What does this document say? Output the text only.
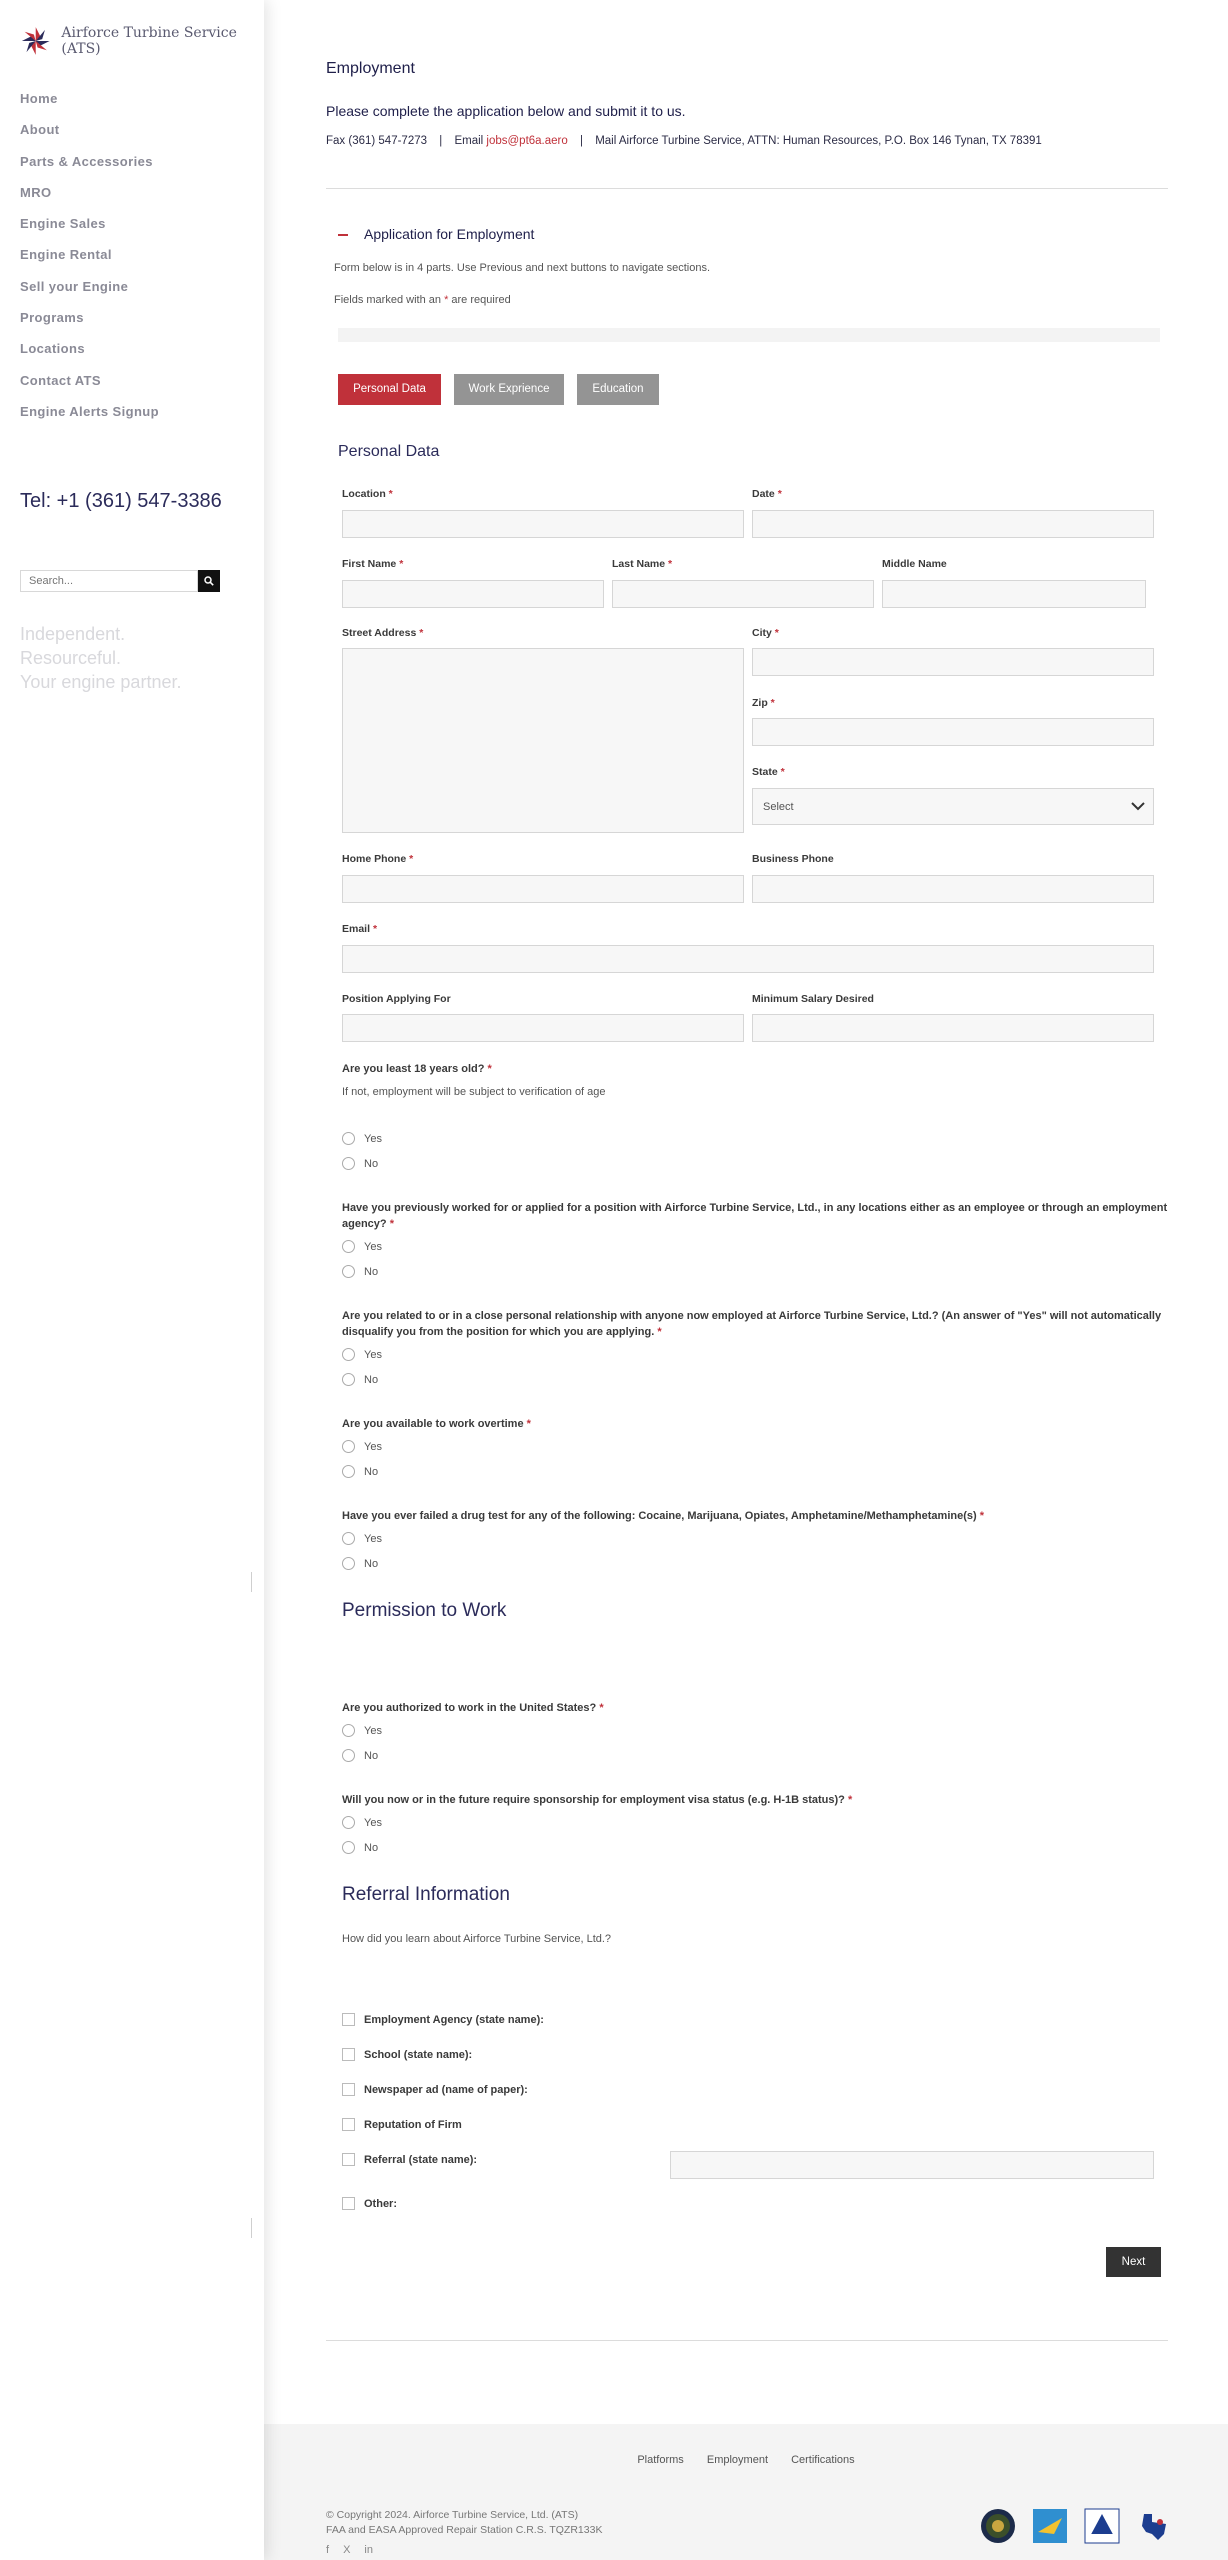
Airforce Turbine Service (ATS)
Home
About
Parts & Accessories
MRO
Engine Sales
Engine Rental
Sell your Engine
Programs
Locations
Contact ATS
Engine Alerts Signup
Tel: +1 (361) 547-3386
Search...
Independent.
Resourceful.
Your engine partner.
Employment
Please complete the application below and submit it to us.
Fax (361) 547-7273 | Email jobs@pt6a.aero | Mail Airforce Turbine Service, ATTN: Human Resources, P.O. Box 146 Tynan, TX 78391
Application for Employment
Form below is in 4 parts. Use Previous and next buttons to navigate sections.
Fields marked with an * are required
Personal Data	Work Exprience	Education
Personal Data
Location *	Date *
First Name *	Last Name *	Middle Name
Street Address *	City *
Zip *
State *
Select
Home Phone *	Business Phone
Email *
Position Applying For	Minimum Salary Desired
Are you least 18 years old? *
If not, employment will be subject to verification of age
Yes
No
Have you previously worked for or applied for a position with Airforce Turbine Service, Ltd., in any locations either as an employee or through an employment agency? *
Yes
No
Are you related to or in a close personal relationship with anyone now employed at Airforce Turbine Service, Ltd.? (An answer of "Yes" will not automatically disqualify you from the position for which you are applying. *
Yes
No
Are you available to work overtime *
Yes
No
Have you ever failed a drug test for any of the following: Cocaine, Marijuana, Opiates, Amphetamine/Methamphetamine(s) *
Yes
No
Permission to Work
Are you authorized to work in the United States? *
Yes
No
Will you now or in the future require sponsorship for employment visa status (e.g. H-1B status)? *
Yes
No
Referral Information
How did you learn about Airforce Turbine Service, Ltd.?
Employment Agency (state name):
School (state name):
Newspaper ad (name of paper):
Reputation of Firm
Referral (state name):
Other:
Next
Platforms Employment Certifications
© Copyright 2024. Airforce Turbine Service, Ltd. (ATS)
FAA and EASA Approved Repair Station C.R.S. TQZR133K
f X in
